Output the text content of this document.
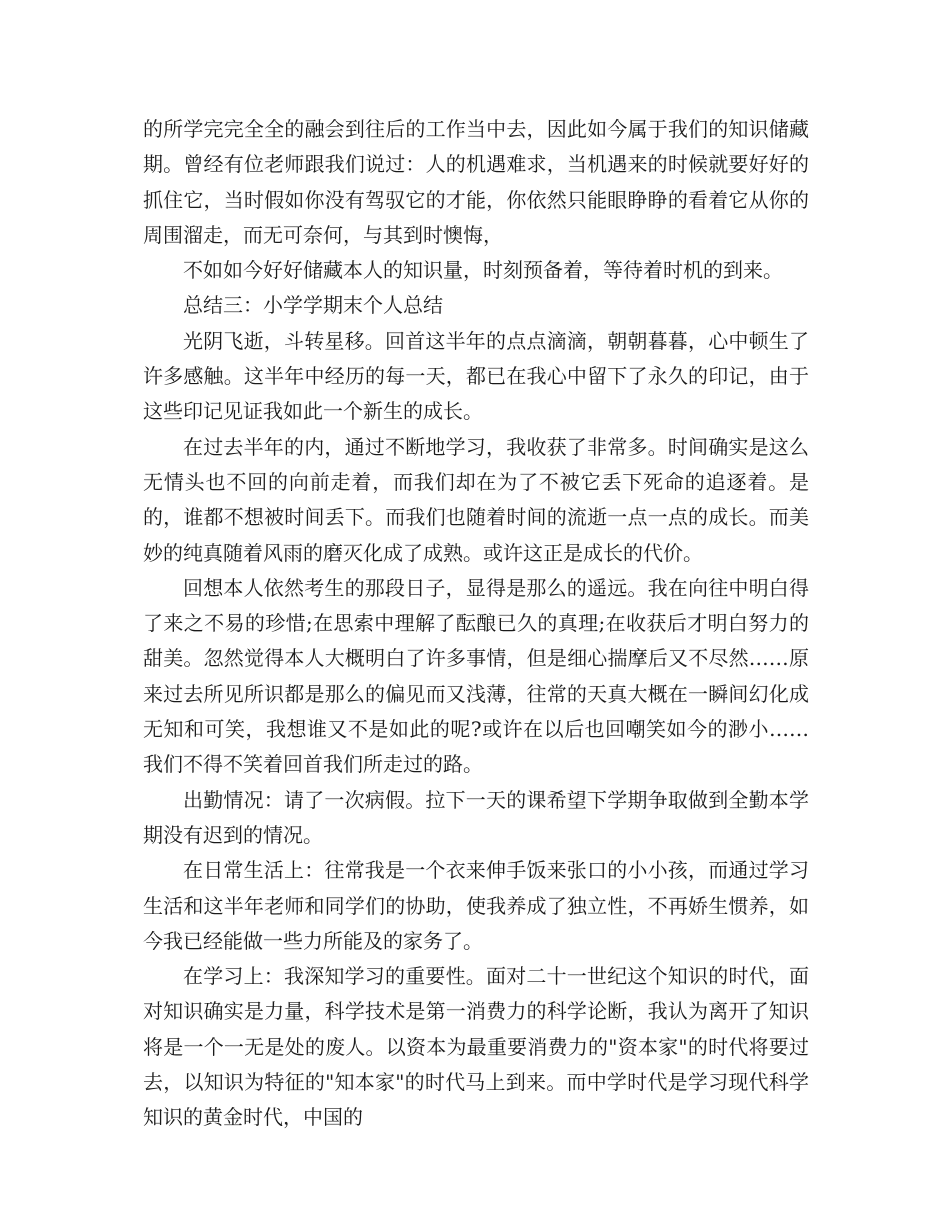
的所学完完全全的融会到往后的工作当中去，因此如今属于我们的知识储藏期。曾经有位老师跟我们说过：人的机遇难求，当机遇来的时候就要好好的抓住它，当时假如你没有驾驭它的才能，你依然只能眼睁睁的看着它从你的周围溜走，而无可奈何，与其到时懊悔，

不如如今好好储藏本人的知识量，时刻预备着，等待着时机的到来。

总结三：小学学期末个人总结

光阴飞逝，斗转星移。回首这半年的点点滴滴，朝朝暮暮，心中顿生了许多感触。这半年中经历的每一天，都已在我心中留下了永久的印记，由于这些印记见证我如此一个新生的成长。

在过去半年的内，通过不断地学习，我收获了非常多。时间确实是这么无情头也不回的向前走着，而我们却在为了不被它丢下死命的追逐着。是的，谁都不想被时间丢下。而我们也随着时间的流逝一点一点的成长。而美妙的纯真随着风雨的磨灭化成了成熟。或许这正是成长的代价。

回想本人依然考生的那段日子，显得是那么的遥远。我在向往中明白得了来之不易的珍惜;在思索中理解了酝酿已久的真理;在收获后才明白努力的甜美。忽然觉得本人大概明白了许多事情，但是细心揣摩后又不尽然……原来过去所见所识都是那么的偏见而又浅薄，往常的天真大概在一瞬间幻化成无知和可笑，我想谁又不是如此的呢?或许在以后也回嘲笑如今的渺小……我们不得不笑着回首我们所走过的路。

出勤情况：请了一次病假。拉下一天的课希望下学期争取做到全勤本学期没有迟到的情况。

在日常生活上：往常我是一个衣来伸手饭来张口的小小孩，而通过学习生活和这半年老师和同学们的协助，使我养成了独立性，不再娇生惯养，如今我已经能做一些力所能及的家务了。

在学习上：我深知学习的重要性。面对二十一世纪这个知识的时代，面对知识确实是力量，科学技术是第一消费力的科学论断，我认为离开了知识将是一个一无是处的废人。以资本为最重要消费力的"资本家"的时代将要过去，以知识为特征的"知本家"的时代马上到来。而中学时代是学习现代科学知识的黄金时代，中国的
